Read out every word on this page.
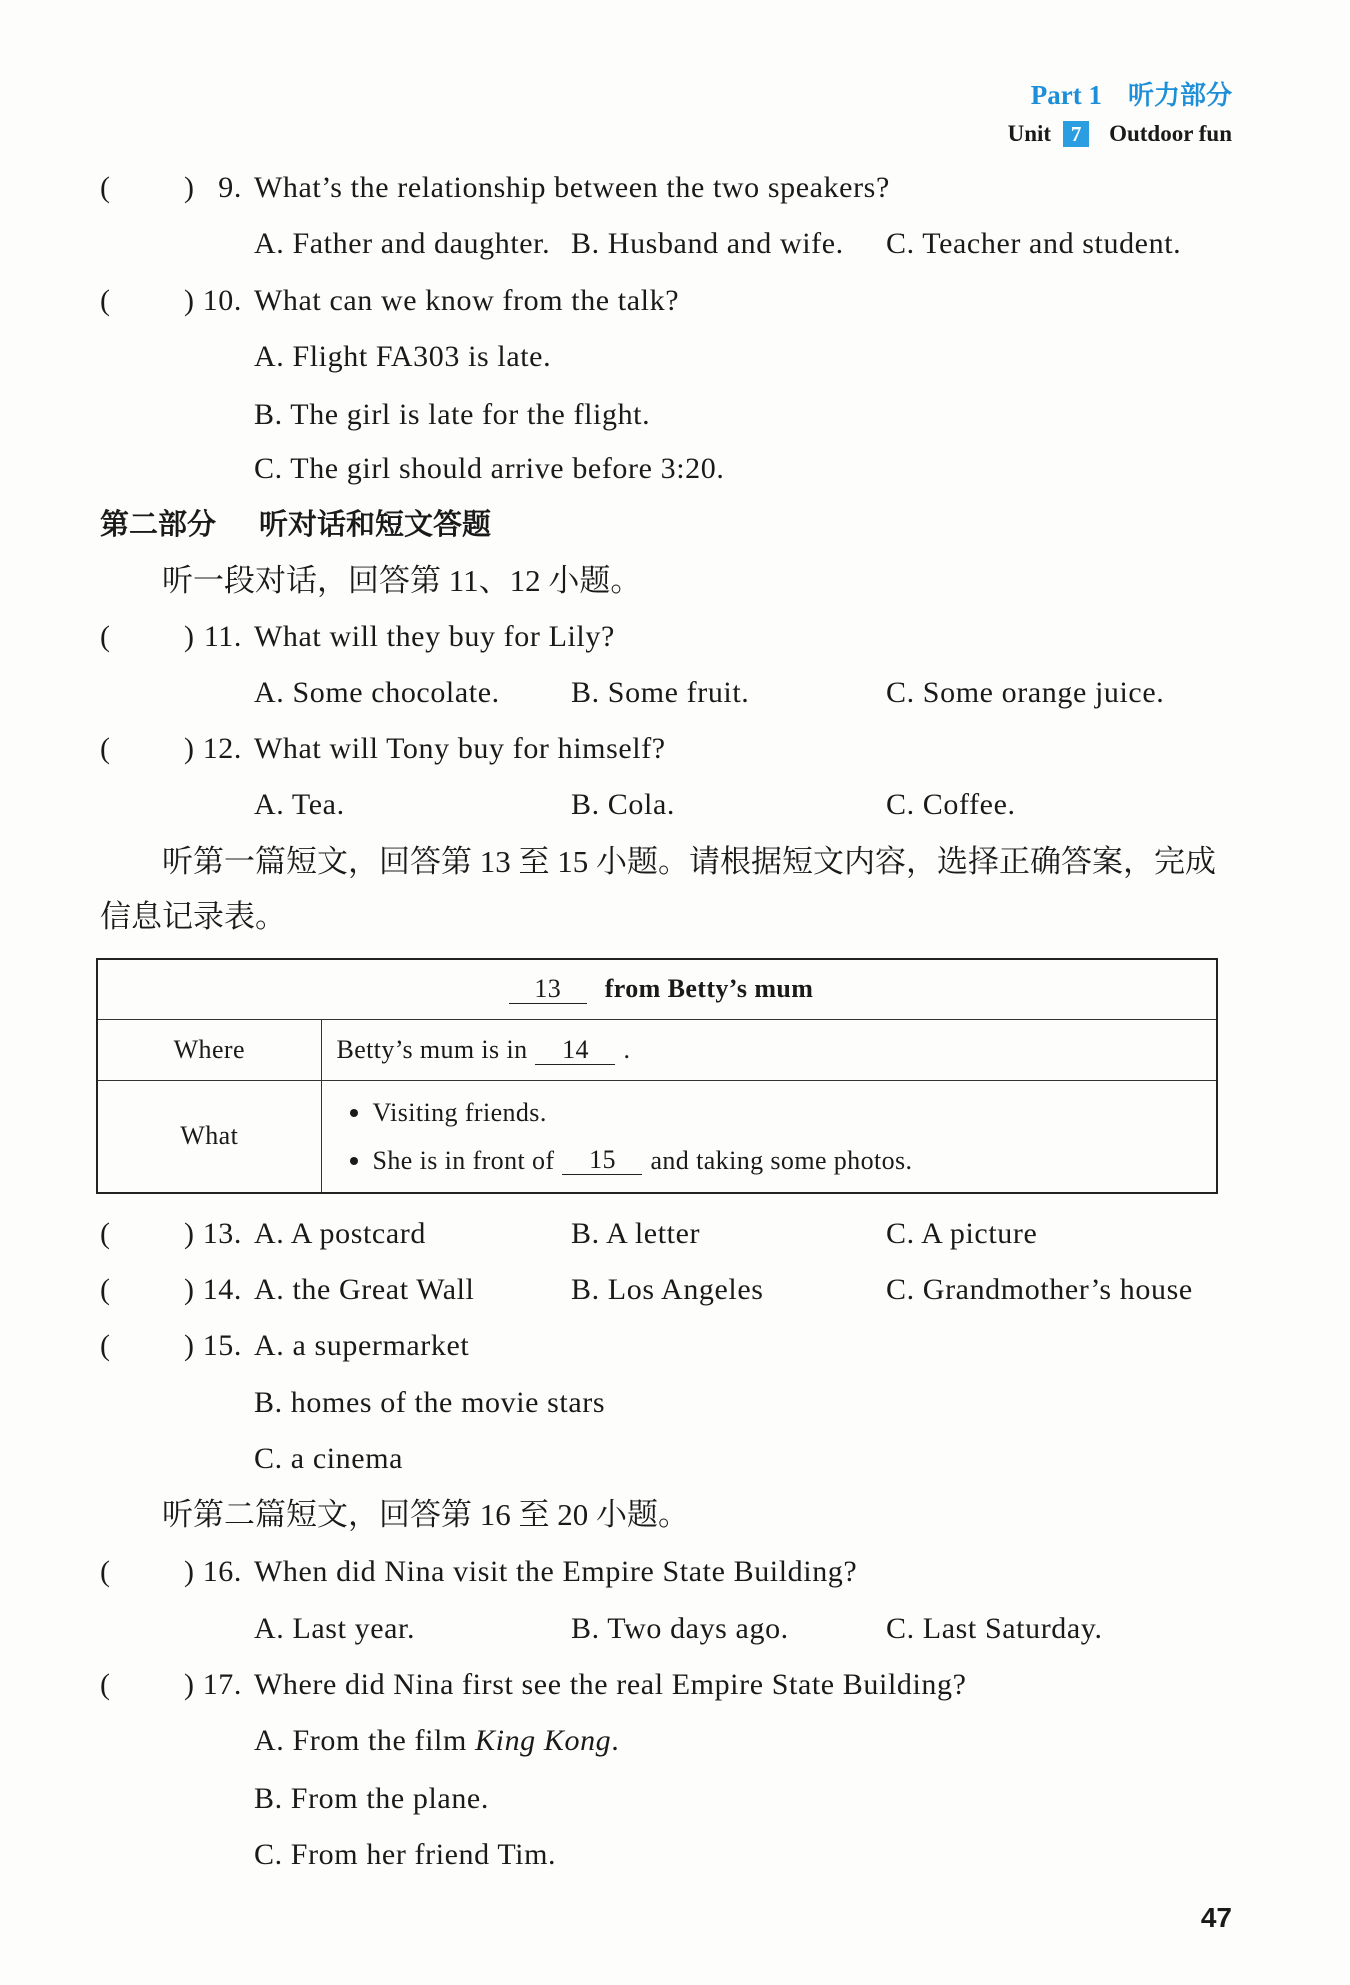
Part 1 听力部分
Unit 7	Outdoor fun
( ) 9. What’s the relationship between the two speakers?
A. Father and daughter. B. Husband and wife. C. Teacher and student.
( ) 10. What can we know from the talk?
A. Flight FA303 is late.
B. The girl is late for the flight.
C. The girl should arrive before 3:20.
第二部分 听对话和短文答题
听一段对话，回答第 11、12 小题。
( ) 11. What will they buy for Lily?
A. Some chocolate. B. Some fruit.	C. Some orange juice.
( ) 12. What will Tony buy for himself?
A. Tea.	B. Cola.	C. Coffee.
听第一篇短文，回答第 13 至 15 小题。请根据短文内容，选择正确答案，完成
信息记录表。
13 from Betty’s mum	
Where	Betty’s mum is in 14 .
What	Visiting friends.
She is in front of 15 and taking some photos.
( ) 13. A. A postcard	B. A letter	C. A picture
( ) 14. A. the Great Wall	B. Los Angeles	C. Grandmother’s house
( ) 15. A. a supermarket
B. homes of the movie stars
C. a cinema
听第二篇短文，回答第 16 至 20 小题。
( ) 16. When did Nina visit the Empire State Building?
A. Last year.	B. Two days ago.	C. Last Saturday.
( ) 17. Where did Nina first see the real Empire State Building?
A. From the film King Kong.
B. From the plane.
C. From her friend Tim.
47
